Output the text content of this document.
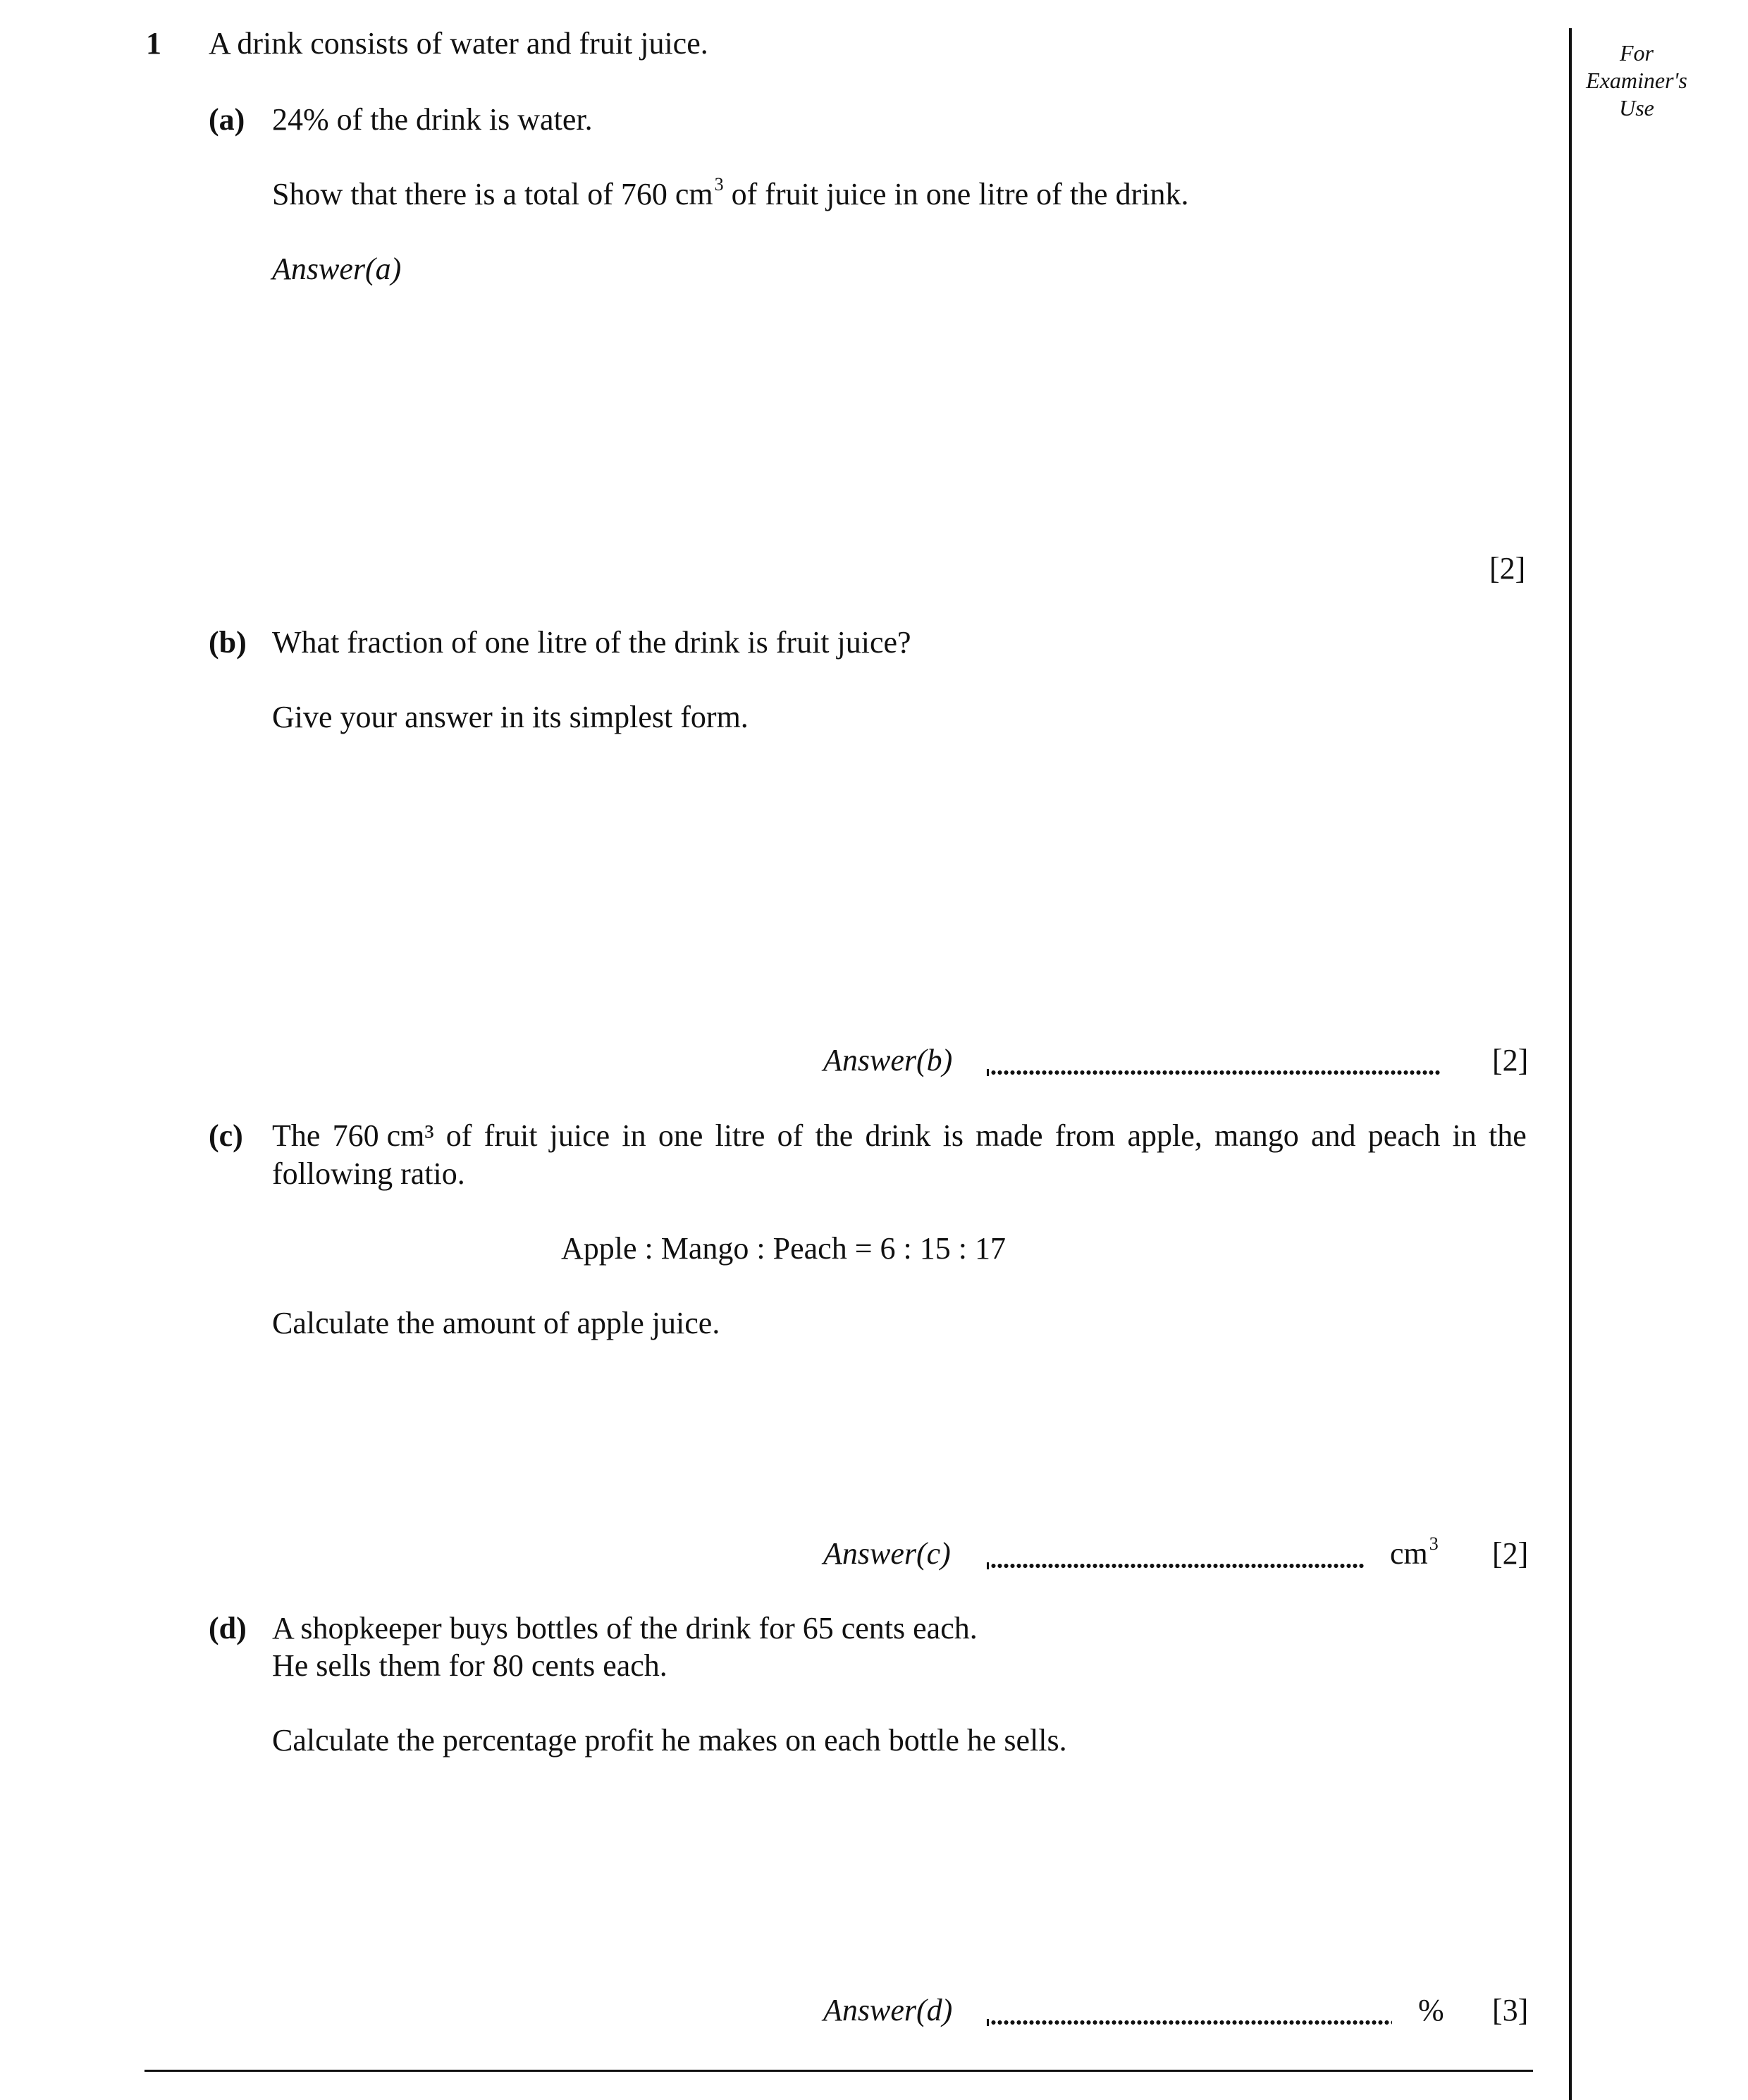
For
Examiner's
Use
1 A drink consists of water and fruit juice.
(a) 24% of the drink is water.
Show that there is a total of 760 $cm^3$ of fruit juice in one litre of the drink.
Answer(a)
[2]
(b) What fraction of one litre of the drink is fruit juice?
Give your answer in its simplest form.
Answer(b)	[2]
(c) The 760 cm³ of fruit juice in one litre of the drink is made from apple, mango and peach in the
following ratio.
Apple : Mango : Peach = 6 : 15 : 17
Calculate the amount of apple juice.
Answer(c)	$cm^3$ [2]
(d) A shopkeeper buys bottles of the drink for 65 cents each.
He sells them for 80 cents each.
Calculate the percentage profit he makes on each bottle he sells.
Answer(d)	% [3]
